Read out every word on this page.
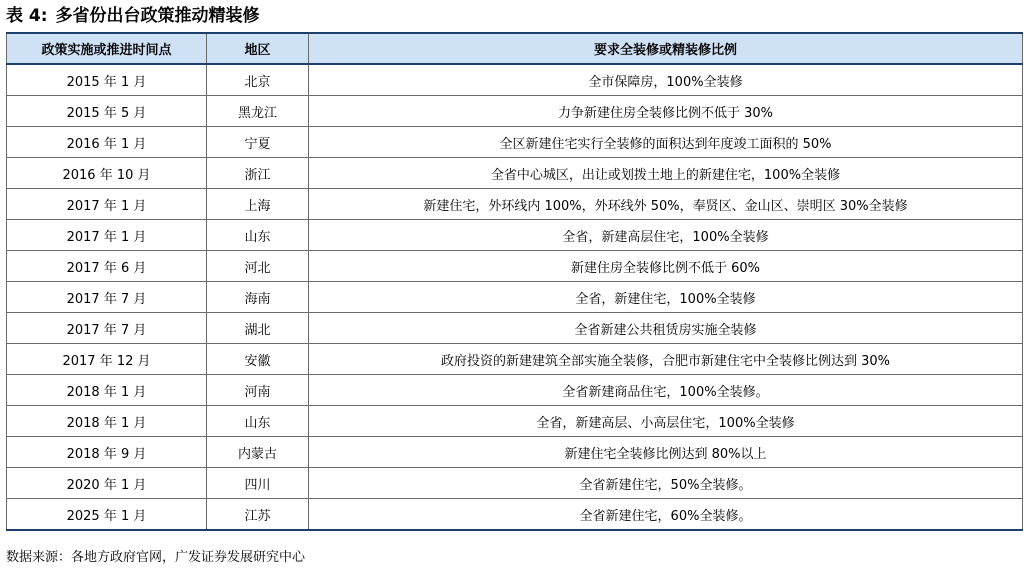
表 4: 多省份出台政策推动精装修
政策实施或推进时间点	地区	要求全装修或精装修比例
2015 年 1 月	北京	全市保障房，100%全装修
2015 年 5 月	黑龙江	力争新建住房全装修比例不低于 30%
2016 年 1 月	宁夏	全区新建住宅实行全装修的面积达到年度竣工面积的 50%
2016 年 10 月	浙江	全省中心城区，出让或划拨土地上的新建住宅，100%全装修
2017 年 1 月	上海	新建住宅，外环线内 100%，外环线外 50%，奉贤区、金山区、崇明区 30%全装修
2017 年 1 月	山东	全省，新建高层住宅，100%全装修
2017 年 6 月	河北	新建住房全装修比例不低于 60%
2017 年 7 月	海南	全省，新建住宅，100%全装修
2017 年 7 月	湖北	全省新建公共租赁房实施全装修
2017 年 12 月	安徽	政府投资的新建建筑全部实施全装修，合肥市新建住宅中全装修比例达到 30%
2018 年 1 月	河南	全省新建商品住宅，100%全装修。
2018 年 1 月	山东	全省，新建高层、小高层住宅，100%全装修
2018 年 9 月	内蒙古	新建住宅全装修比例达到 80%以上
2020 年 1 月	四川	全省新建住宅，50%全装修。
2025 年 1 月	江苏	全省新建住宅，60%全装修。
数据来源：各地方政府官网，广发证券发展研究中心
